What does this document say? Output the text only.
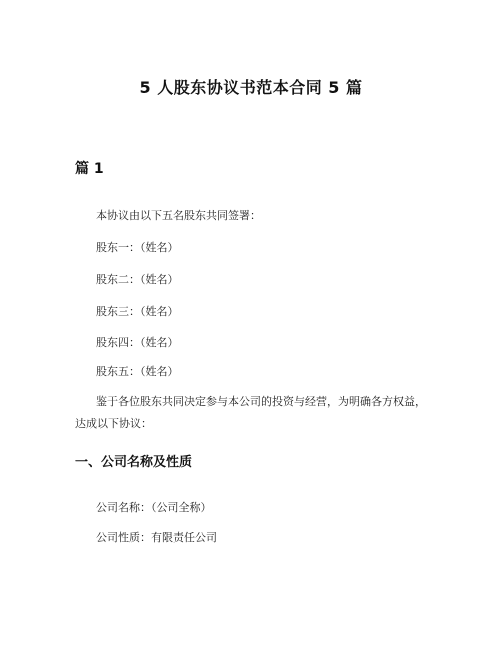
5 人股东协议书范本合同 5 篇
篇 1
本协议由以下五名股东共同签署：
股东一：（姓名）
股东二：（姓名）
股东三：（姓名）
股东四：（姓名）
股东五：（姓名）
鉴于各位股东共同决定参与本公司的投资与经营，为明确各方权益，达成以下协议：
一、公司名称及性质
公司名称：（公司全称）
公司性质：有限责任公司
